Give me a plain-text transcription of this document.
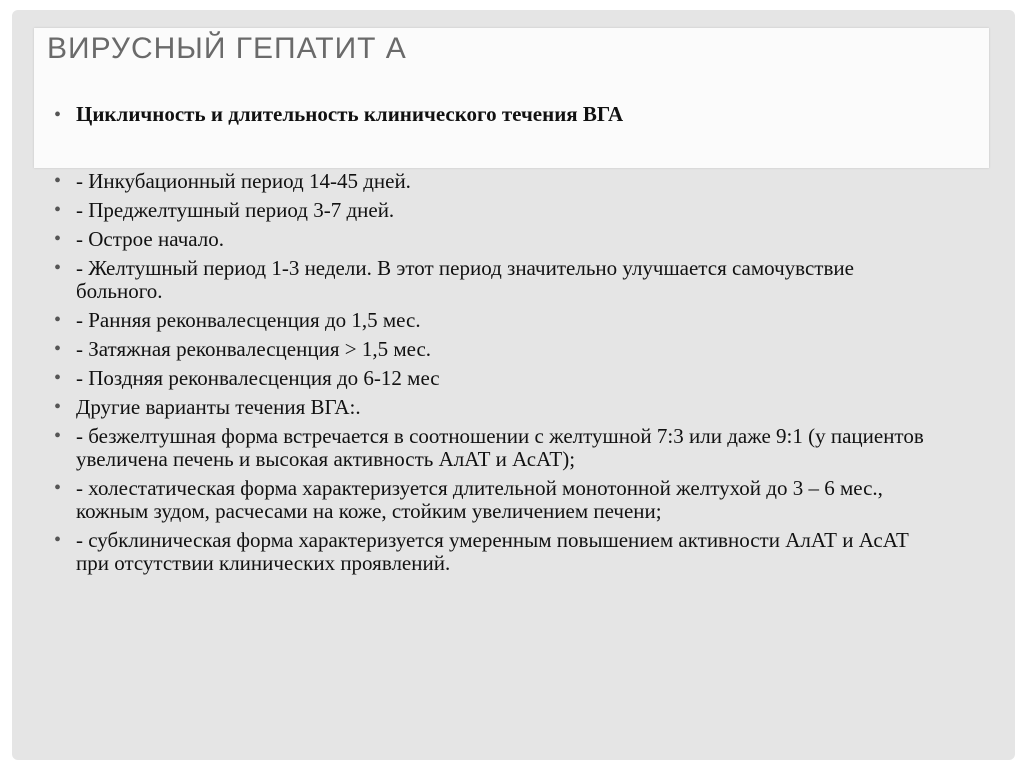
ВИРУСНЫЙ ГЕПАТИТ А
• Цикличность и длительность клинического течения ВГА
• - Инкубационный период 14-45 дней.
• - Преджелтушный период 3-7 дней.
• - Острое начало.
• - Желтушный период 1-3 недели. В этот период значительно улучшается самочувствие больного.
• - Ранняя реконвалесценция до 1,5 мес.
• - Затяжная реконвалесценция > 1,5 мес.
• - Поздняя реконвалесценция до 6-12 мес
• Другие варианты течения ВГА:.
• - безжелтушная форма встречается в соотношении с желтушной 7:3 или даже 9:1 (у пациентов увеличена печень и высокая активность АлАТ и АсАТ);
• - холестатическая форма характеризуется длительной монотонной желтухой до 3 – 6 мес., кожным зудом, расчесами на коже, стойким увеличением печени;
• - субклиническая форма характеризуется умеренным повышением активности АлАТ и АсАТ при отсутствии клинических проявлений.
